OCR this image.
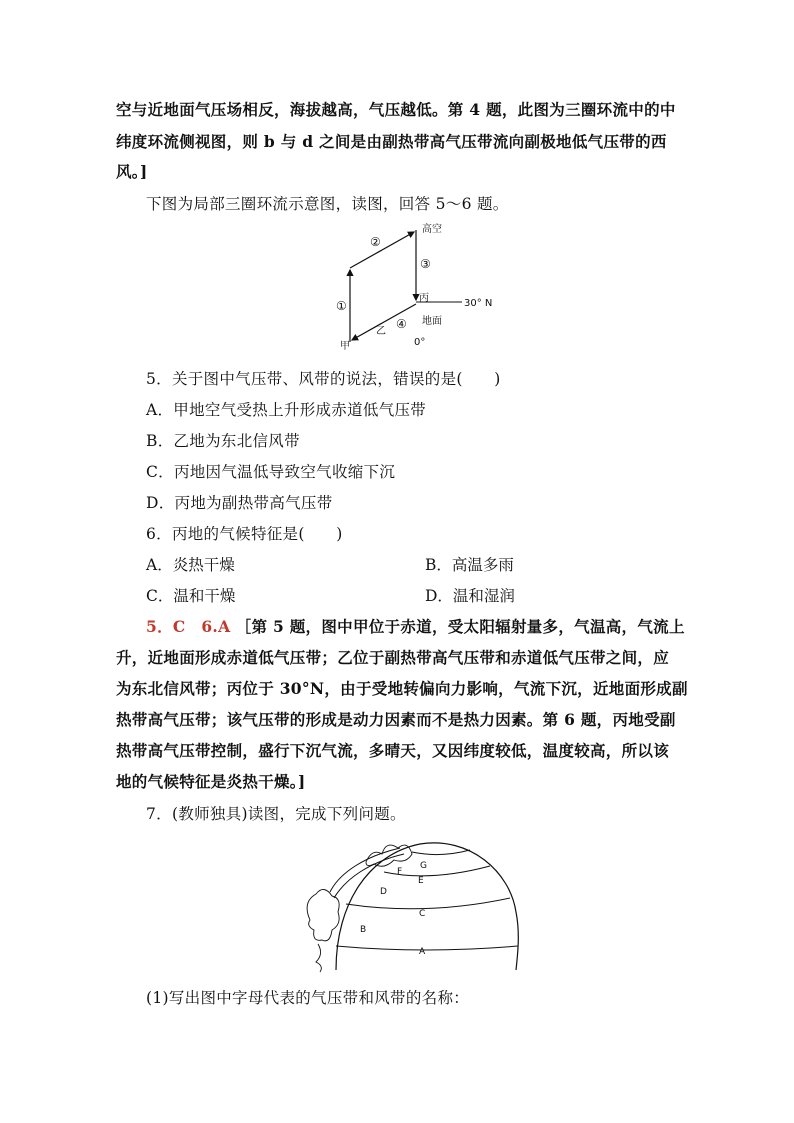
空与近地面气压场相反，海拔越高，气压越低。第 4 题，此图为三圈环流中的中
纬度环流侧视图，则 b 与 d 之间是由副热带高气压带流向副极地低气压带的西
风。]
下图为局部三圈环流示意图，读图，回答 5～6 题。
高空
②
③
丙	30° N
①
地面
乙
④
甲	0°
5．关于图中气压带、风带的说法，错误的是(　　)
A．甲地空气受热上升形成赤道低气压带
B．乙地为东北信风带
C．丙地因气温低导致空气收缩下沉
D．丙地为副热带高气压带
6．丙地的气候特征是(　　)
A．炎热干燥	B．高温多雨
C．温和干燥	D．温和湿润
5．C　6.A ［第 5 题，图中甲位于赤道，受太阳辐射量多，气温高，气流上
升，近地面形成赤道低气压带；乙位于副热带高气压带和赤道低气压带之间，应
为东北信风带；丙位于 30°N，由于受地转偏向力影响，气流下沉，近地面形成副
热带高气压带；该气压带的形成是动力因素而不是热力因素。第 6 题，丙地受副
热带高气压带控制，盛行下沉气流，多晴天，又因纬度较低，温度较高，所以该
地的气候特征是炎热干燥。]
7．(教师独具)读图，完成下列问题。
G
F
E
D
C
B
A
(1)写出图中字母代表的气压带和风带的名称：
